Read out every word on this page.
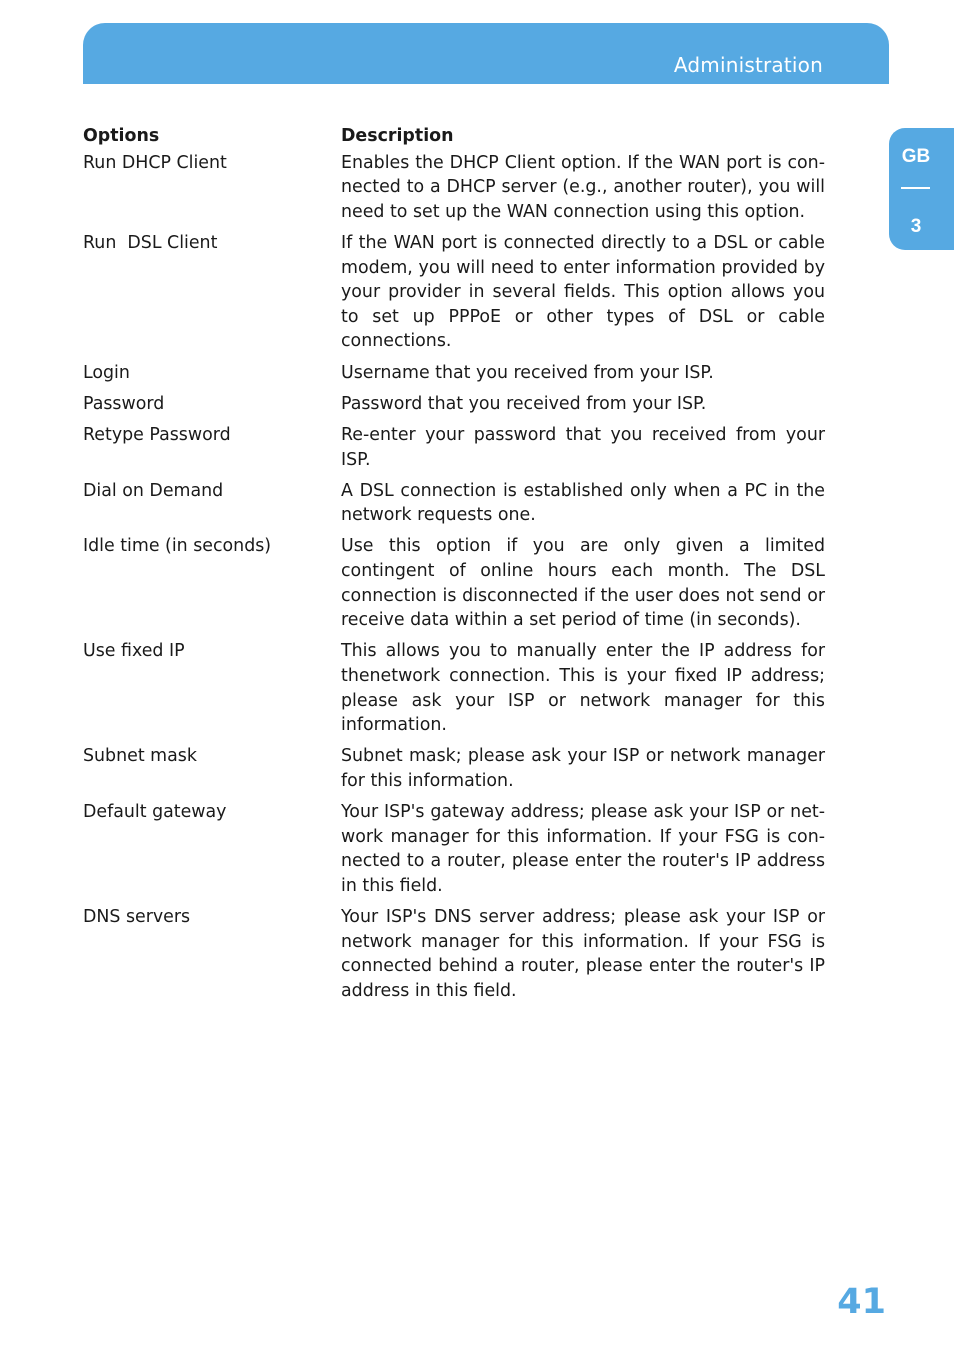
Administration
GB
3
Options	Description
Run DHCP Client	Enables the DHCP Client option. If the WAN port is connected to a DHCP server (e.g., another router), you will need to set up the WAN connection using this option.
Run  DSL Client	If the WAN port is connected directly to a DSL or cable modem, you will need to enter information provided by your provider in several fields. This option allows you to set up PPPoE or other types of DSL or cable connections.
Login	Username that you received from your ISP.
Password	Password that you received from your ISP.
Retype Password	Re-enter your password that you received from your ISP.
Dial on Demand	A DSL connection is established only when a PC in the network requests one.
Idle time (in seconds)	Use this option if you are only given a limited contingent of online hours each month. The DSL connection is disconnected if the user does not send or receive data within a set period of time (in seconds).
Use fixed IP	This allows you to manually enter the IP address for thenetwork connection. This is your fixed IP address; please ask your ISP or network manager for this information.
Subnet mask	Subnet mask; please ask your ISP or network manager for this information.
Default gateway	Your ISP's gateway address; please ask your ISP or network manager for this information. If your FSG is connected to a router, please enter the router's IP address in this field.
DNS servers	Your ISP's DNS server address; please ask your ISP or network manager for this information. If your FSG is connected behind a router, please enter the router's IP address in this field.
41
